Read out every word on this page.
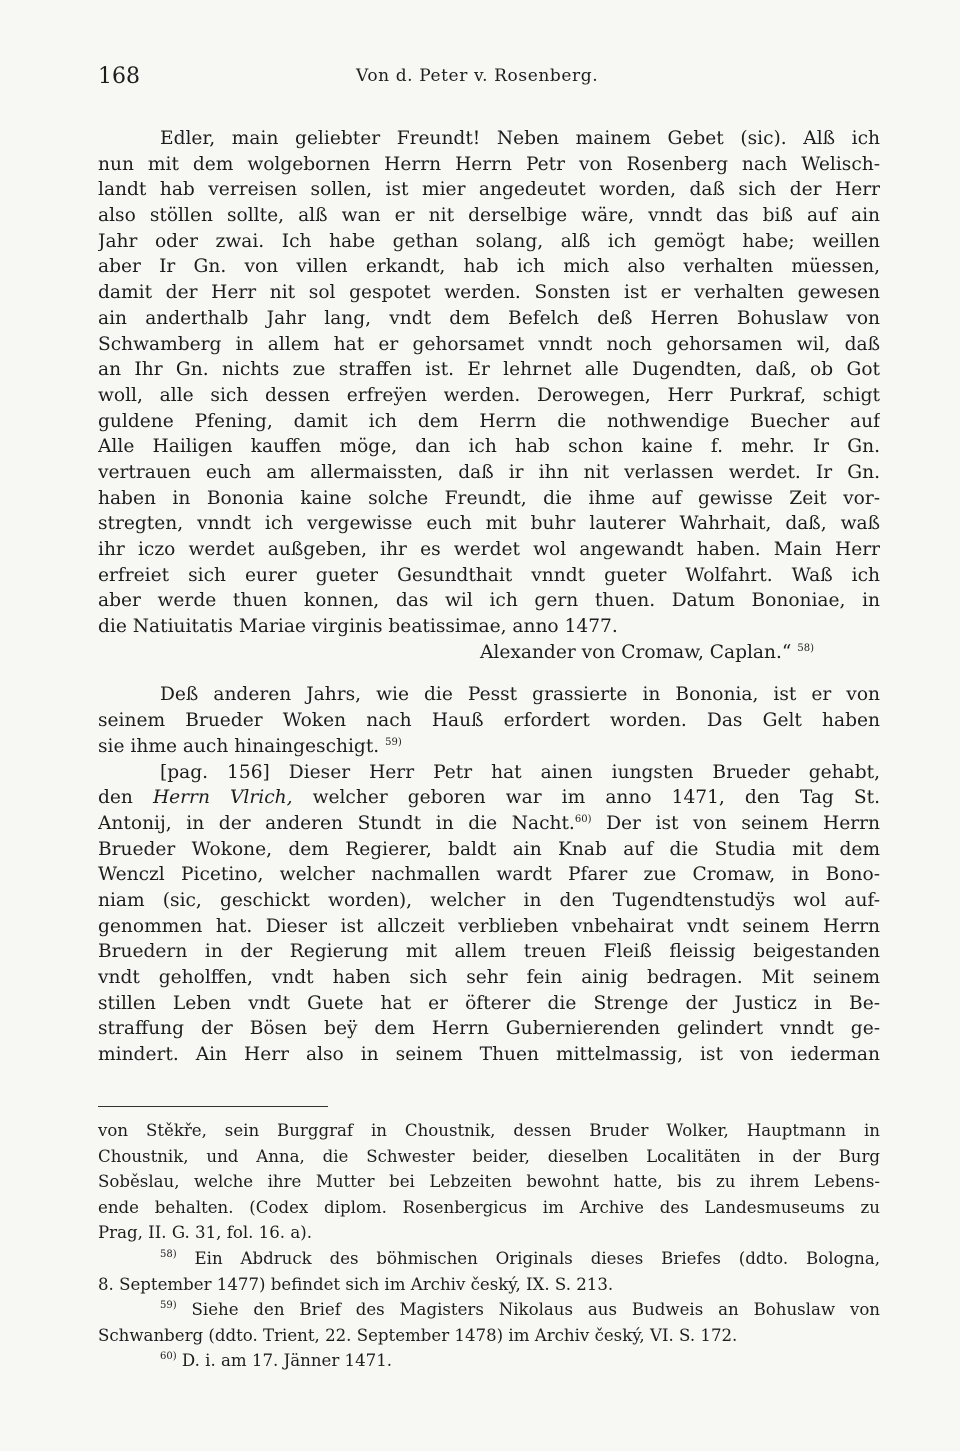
168	Von d. Peter v. Rosenberg.
Edler, main geliebter Freundt! Neben mainem Gebet (sic). Alß ich
nun mit dem wolgebornen Herrn Herrn Petr von Rosenberg nach Welisch-
landt hab verreisen sollen, ist mier angedeutet worden, daß sich der Herr
also stöllen sollte, alß wan er nit derselbige wäre, vnndt das biß auf ain
Jahr oder zwai. Ich habe gethan solang, alß ich gemögt habe; weillen
aber Ir Gn. von villen erkandt, hab ich mich also verhalten müessen,
damit der Herr nit sol gespotet werden. Sonsten ist er verhalten gewesen
ain anderthalb Jahr lang, vndt dem Befelch deß Herren Bohuslaw von
Schwamberg in allem hat er gehorsamet vnndt noch gehorsamen wil, daß
an Ihr Gn. nichts zue straffen ist. Er lehrnet alle Dugendten, daß, ob Got
woll, alle sich dessen erfreÿen werden. Derowegen, Herr Purkraf, schigt
guldene Pfening, damit ich dem Herrn die nothwendige Buecher auf
Alle Hailigen kauffen möge, dan ich hab schon kaine f. mehr. Ir Gn.
vertrauen euch am allermaissten, daß ir ihn nit verlassen werdet. Ir Gn.
haben in Bononia kaine solche Freundt, die ihme auf gewisse Zeit vor-
stregten, vnndt ich vergewisse euch mit buhr lauterer Wahrhait, daß, waß
ihr iczo werdet außgeben, ihr es werdet wol angewandt haben. Main Herr
erfreiet sich eurer gueter Gesundthait vnndt gueter Wolfahrt. Waß ich
aber werde thuen konnen, das wil ich gern thuen. Datum Bononiae, in
die Natiuitatis Mariae virginis beatissimae, anno 1477.
Alexander von Cromaw, Caplan.“ $^{58)}$
Deß anderen Jahrs, wie die Pesst grassierte in Bononia, ist er von
seinem Brueder Woken nach Hauß erfordert worden. Das Gelt haben
sie ihme auch hinaingeschigt. $^{59)}$
[pag. 156] Dieser Herr Petr hat ainen iungsten Brueder gehabt,
den Herrn Vlrich, welcher geboren war im anno 1471, den Tag St.
Antonij, in der anderen Stundt in die Nacht.$^{60)}$ Der ist von seinem Herrn
Brueder Wokone, dem Regierer, baldt ain Knab auf die Studia mit dem
Wenczl Picetino, welcher nachmallen wardt Pfarer zue Cromaw, in Bono-
niam (sic, geschickt worden), welcher in den Tugendtenstudÿs wol auf-
genommen hat. Dieser ist allczeit verblieben vnbehairat vndt seinem Herrn
Bruedern in der Regierung mit allem treuen Fleiß fleissig beigestanden
vndt geholffen, vndt haben sich sehr fein ainig bedragen. Mit seinem
stillen Leben vndt Guete hat er öfterer die Strenge der Justicz in Be-
straffung der Bösen beÿ dem Herrn Gubernierenden gelindert vnndt ge-
mindert. Ain Herr also in seinem Thuen mittelmassig, ist von iederman
von Stěkře, sein Burggraf in Choustnik, dessen Bruder Wolker, Hauptmann in
Choustnik, und Anna, die Schwester beider, dieselben Localitäten in der Burg
Soběslau, welche ihre Mutter bei Lebzeiten bewohnt hatte, bis zu ihrem Lebens-
ende behalten. (Codex diplom. Rosenbergicus im Archive des Landesmuseums zu
Prag, II. G. 31, fol. 16. a).
$^{58)}$ Ein Abdruck des böhmischen Originals dieses Briefes (ddto. Bologna,
8. September 1477) befindet sich im Archiv český, IX. S. 213.
$^{59)}$ Siehe den Brief des Magisters Nikolaus aus Budweis an Bohuslaw von
Schwanberg (ddto. Trient, 22. September 1478) im Archiv český, VI. S. 172.
$^{60)}$ D. i. am 17. Jänner 1471.
